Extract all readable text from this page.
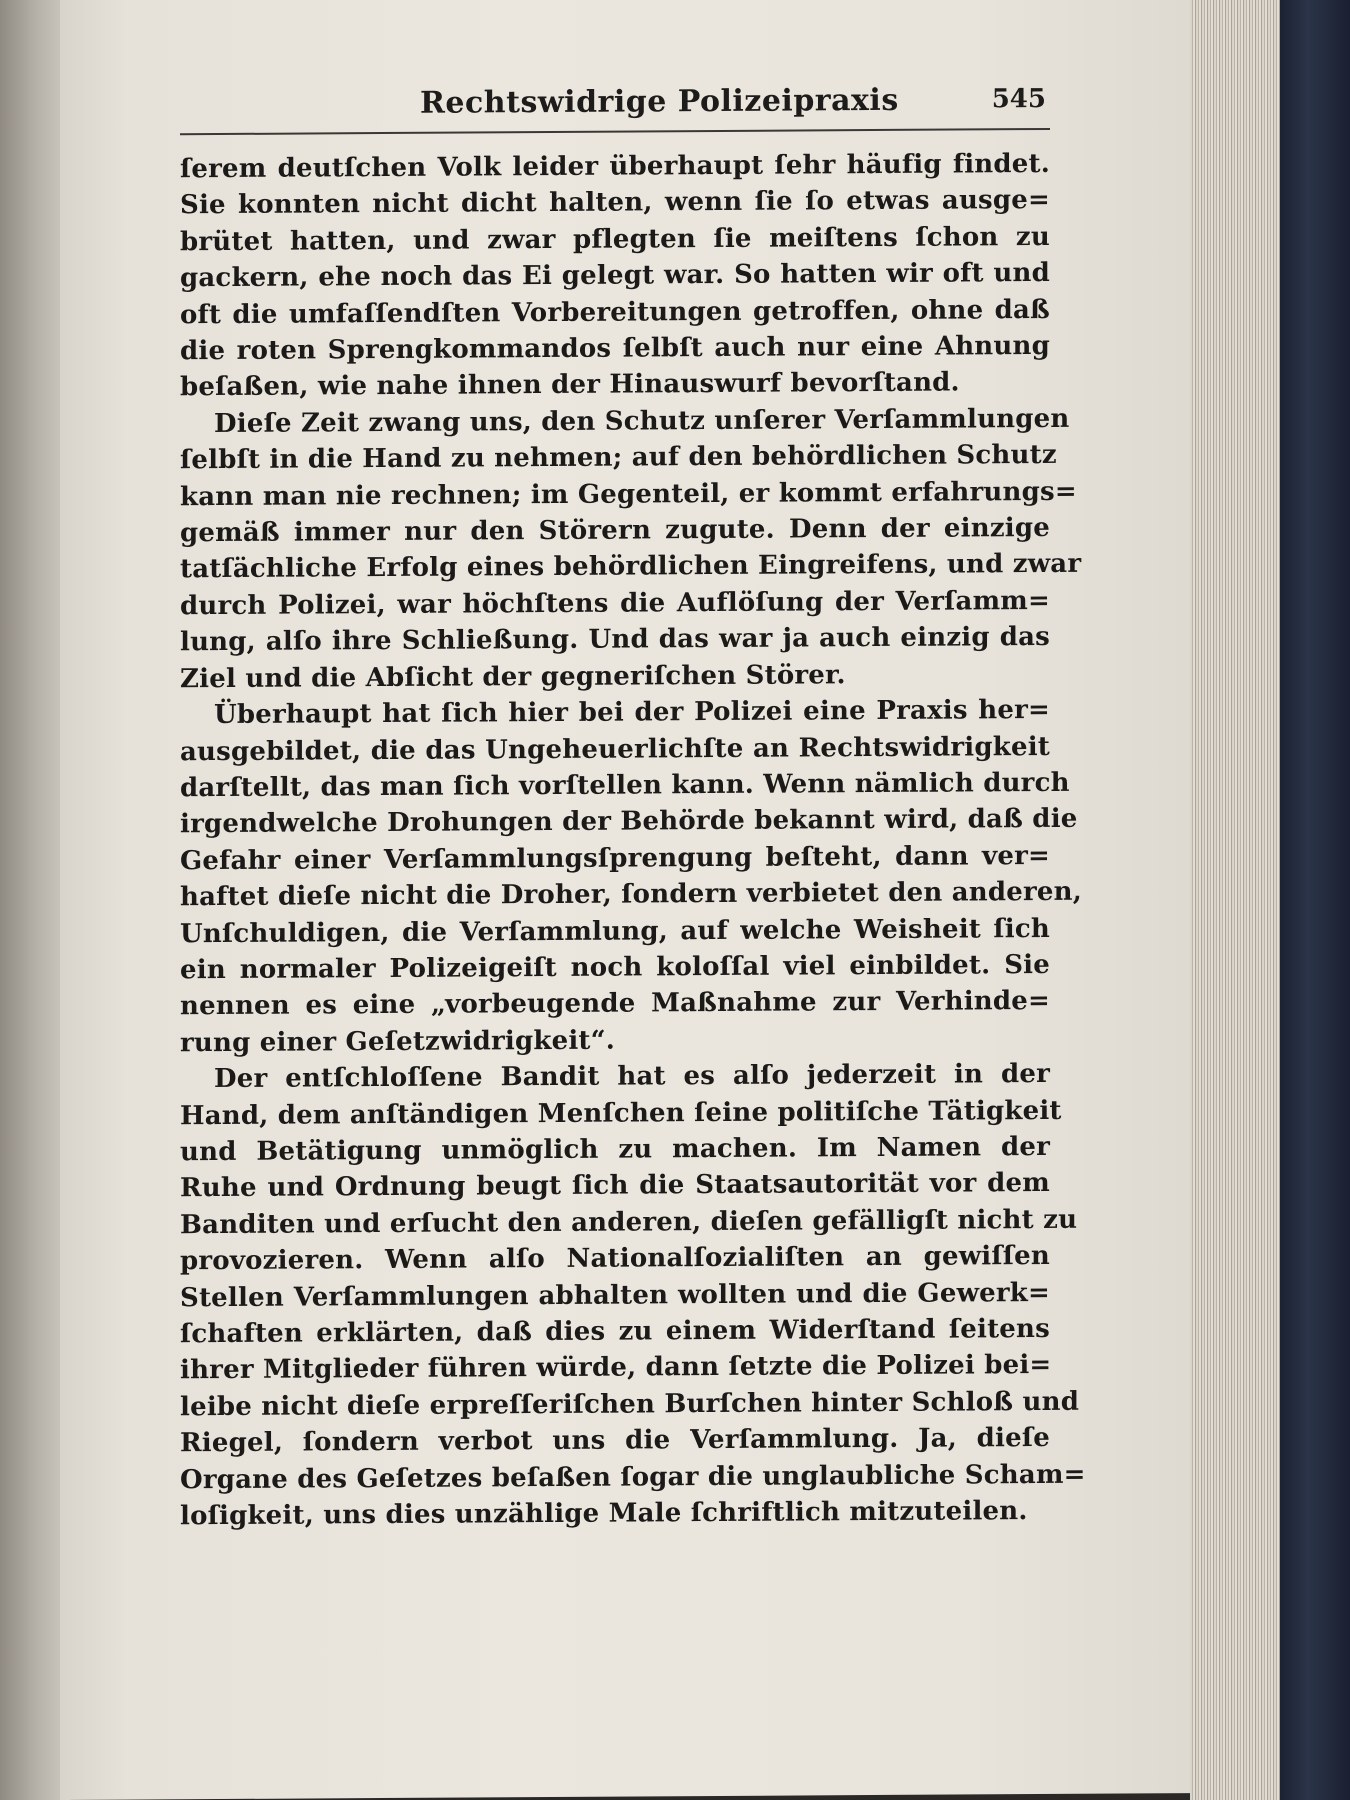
Rechtswidrige Polizeipraxis	545
ſerem deutſchen Volk leider überhaupt ſehr häufig findet.
Sie konnten nicht dicht halten, wenn ſie ſo etwas ausge=
brütet hatten, und zwar pflegten ſie meiſtens ſchon zu
gackern, ehe noch das Ei gelegt war. So hatten wir oft und
oft die umfaſſendſten Vorbereitungen getroffen, ohne daß
die roten Sprengkommandos ſelbſt auch nur eine Ahnung
beſaßen, wie nahe ihnen der Hinauswurf bevorſtand.
Dieſe Zeit zwang uns, den Schutz unſerer Verſammlungen
ſelbſt in die Hand zu nehmen; auf den behördlichen Schutz
kann man nie rechnen; im Gegenteil, er kommt erfahrungs=
gemäß immer nur den Störern zugute. Denn der einzige
tatſächliche Erfolg eines behördlichen Eingreifens, und zwar
durch Polizei, war höchſtens die Auflöſung der Verſamm=
lung, alſo ihre Schließung. Und das war ja auch einzig das
Ziel und die Abſicht der gegneriſchen Störer.
Überhaupt hat ſich hier bei der Polizei eine Praxis her=
ausgebildet, die das Ungeheuerlichſte an Rechtswidrigkeit
darſtellt, das man ſich vorſtellen kann. Wenn nämlich durch
irgendwelche Drohungen der Behörde bekannt wird, daß die
Gefahr einer Verſammlungsſprengung beſteht, dann ver=
haftet dieſe nicht die Droher, ſondern verbietet den anderen,
Unſchuldigen, die Verſammlung, auf welche Weisheit ſich
ein normaler Polizeigeiſt noch koloſſal viel einbildet. Sie
nennen es eine „vorbeugende Maßnahme zur Verhinde=
rung einer Geſetzwidrigkeit“.
Der entſchloſſene Bandit hat es alſo jederzeit in der
Hand, dem anſtändigen Menſchen ſeine politiſche Tätigkeit
und Betätigung unmöglich zu machen. Im Namen der
Ruhe und Ordnung beugt ſich die Staatsautorität vor dem
Banditen und erſucht den anderen, dieſen gefälligſt nicht zu
provozieren. Wenn alſo Nationalſozialiſten an gewiſſen
Stellen Verſammlungen abhalten wollten und die Gewerk=
ſchaften erklärten, daß dies zu einem Widerſtand ſeitens
ihrer Mitglieder führen würde, dann ſetzte die Polizei bei=
leibe nicht dieſe erpreſſeriſchen Burſchen hinter Schloß und
Riegel, ſondern verbot uns die Verſammlung. Ja, dieſe
Organe des Geſetzes beſaßen ſogar die unglaubliche Scham=
loſigkeit, uns dies unzählige Male ſchriftlich mitzuteilen.
